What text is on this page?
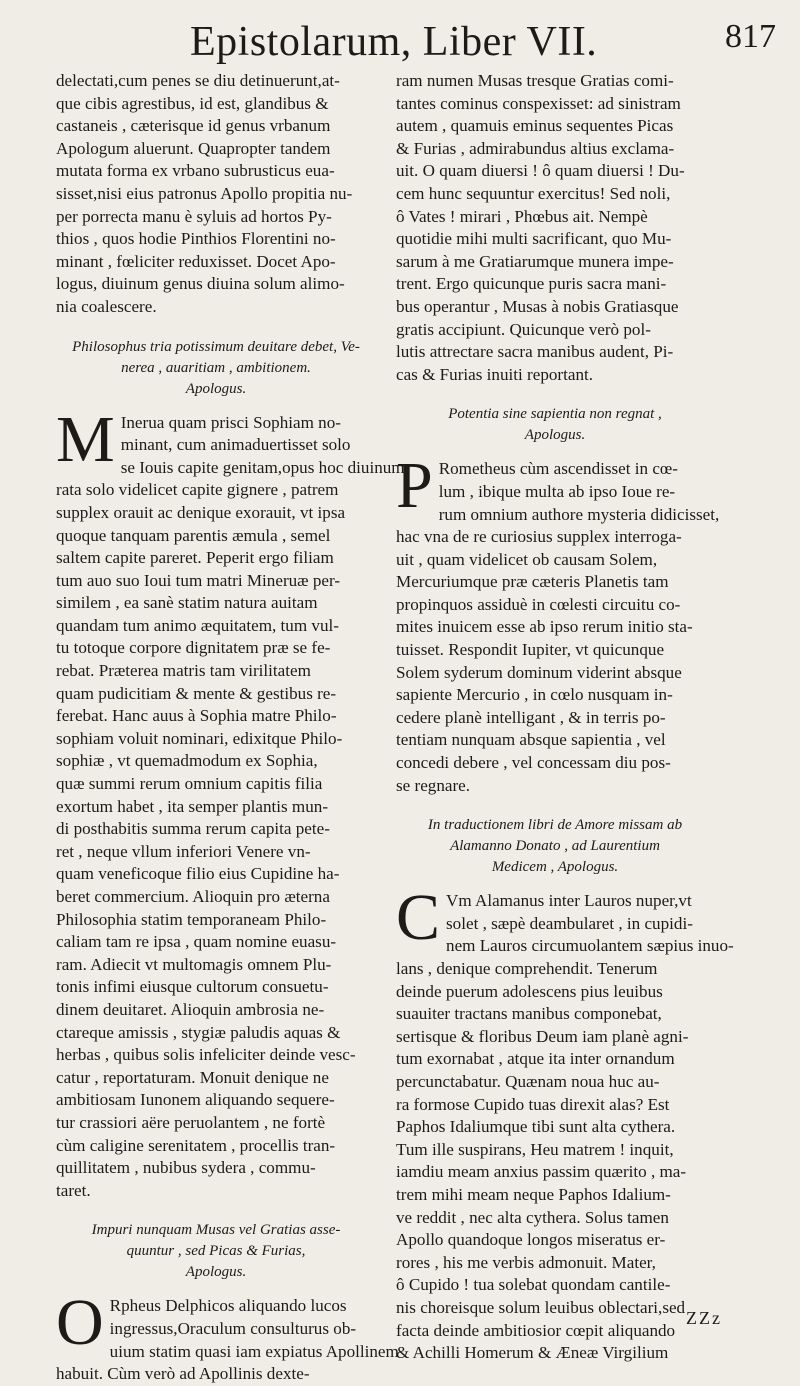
Epistolarum, Liber VII.	817
delectati,cum penes se diu detinuerunt,at-
que cibis agrestibus, id est, glandibus &
castaneis , cæterisque id genus vrbanum
Apologum aluerunt. Quapropter tandem
mutata forma ex vrbano subrusticus eua-
sisset,nisi eius patronus Apollo propitia nu-
per porrecta manu è syluis ad hortos Py-
thios , quos hodie Pinthios Florentini no-
minant , fœliciter reduxisset. Docet Apo-
logus, diuinum genus diuina solum alimo-
nia coalescere.
Philosophus tria potissimum deuitare debet, Ve-
nerea , auaritiam , ambitionem.
Apologus.
M Inerua quam prisci Sophiam no-
minant, cum animaduertisset solo
se Iouis capite genitam,opus hoc diuinum
rata solo videlicet capite gignere , patrem
supplex orauit ac denique exorauit, vt ipsa
quoque tanquam parentis æmula , semel
saltem capite pareret. Peperit ergo filiam
tum auo suo Ioui tum matri Mineruæ per-
similem , ea sanè statim natura auitam
quandam tum animo æquitatem, tum vul-
tu totoque corpore dignitatem præ se fe-
rebat. Præterea matris tam virilitatem
quam pudicitiam & mente & gestibus re-
ferebat. Hanc auus à Sophia matre Philo-
sophiam voluit nominari, edixitque Philo-
sophiæ , vt quemadmodum ex Sophia,
quæ summi rerum omnium capitis filia
exortum habet , ita semper plantis mun-
di posthabitis summa rerum capita pete-
ret , neque vllum inferiori Venere vn-
quam veneficoque filio eius Cupidine ha-
beret commercium. Alioquin pro æterna
Philosophia statim temporaneam Philo-
caliam tam re ipsa , quam nomine euasu-
ram. Adiecit vt multomagis omnem Plu-
tonis infimi eiusque cultorum consuetu-
dinem deuitaret. Alioquin ambrosia ne-
ctareque amissis , stygiæ paludis aquas &
herbas , quibus solis infeliciter deinde vesc-
catur , reportaturam. Monuit denique ne
ambitiosam Iunonem aliquando sequere-
tur crassiori aëre peruolantem , ne fortè
cùm caligine serenitatem , procellis tran-
quillitatem , nubibus sydera , commu-
taret.
Impuri nunquam Musas vel Gratias asse-
quuntur , sed Picas & Furias,
Apologus.
O Rpheus Delphicos aliquando lucos
ingressus,Oraculum consulturus ob-
uium statim quasi iam expiatus Apollinem
habuit. Cùm verò ad Apollinis dexte-
ram numen Musas tresque Gratias comi-
tantes cominus conspexisset: ad sinistram
autem , quamuis eminus sequentes Picas
& Furias , admirabundus altius exclama-
uit. O quam diuersi ! ô quam diuersi ! Du-
cem hunc sequuntur exercitus! Sed noli,
ô Vates ! mirari , Phœbus ait. Nempè
quotidie mihi multi sacrificant, quo Mu-
sarum à me Gratiarumque munera impe-
trent. Ergo quicunque puris sacra mani-
bus operantur , Musas à nobis Gratiasque
gratis accipiunt. Quicunque verò pol-
lutis attrectare sacra manibus audent, Pi-
cas & Furias inuiti reportant.
Potentia sine sapientia non regnat ,
Apologus.
P Rometheus cùm ascendisset in cœ-
lum , ibique multa ab ipso Ioue re-
rum omnium authore mysteria didicisset,
hac vna de re curiosius supplex interroga-
uit , quam videlicet ob causam Solem,
Mercuriumque præ cæteris Planetis tam
propinquos assiduè in cœlesti circuitu co-
mites inuicem esse ab ipso rerum initio sta-
tuisset. Respondit Iupiter, vt quicunque
Solem syderum dominum viderint absque
sapiente Mercurio , in cœlo nusquam in-
cedere planè intelligant , & in terris po-
tentiam nunquam absque sapientia , vel
concedi debere , vel concessam diu pos-
se regnare.
In traductionem libri de Amore missam ab
Alamanno Donato , ad Laurentium
Medicem , Apologus.
C Vm Alamanus inter Lauros nuper,vt
solet , sæpè deambularet , in cupidi-
nem Lauros circumuolantem sæpius inuo-
lans , denique comprehendit. Tenerum
deinde puerum adolescens pius leuibus
suauiter tractans manibus componebat,
sertisque & floribus Deum iam planè agni-
tum exornabat , atque ita inter ornandum
percunctabatur. Quænam noua huc au-
ra formose Cupido tuas direxit alas? Est
Paphos Idaliumque tibi sunt alta cythera.
Tum ille suspirans, Heu matrem ! inquit,
iamdiu meam anxius passim quærito , ma-
trem mihi meam neque Paphos Idalium-
ve reddit , nec alta cythera. Solus tamen
Apollo quandoque longos miseratus er-
rores , his me verbis admonuit. Mater,
ô Cupido ! tua solebat quondam cantile-
nis choreisque solum leuibus oblectari,sed
facta deinde ambitiosior cœpit aliquando
& Achilli Homerum & Æneæ Virgilium
ZZz
